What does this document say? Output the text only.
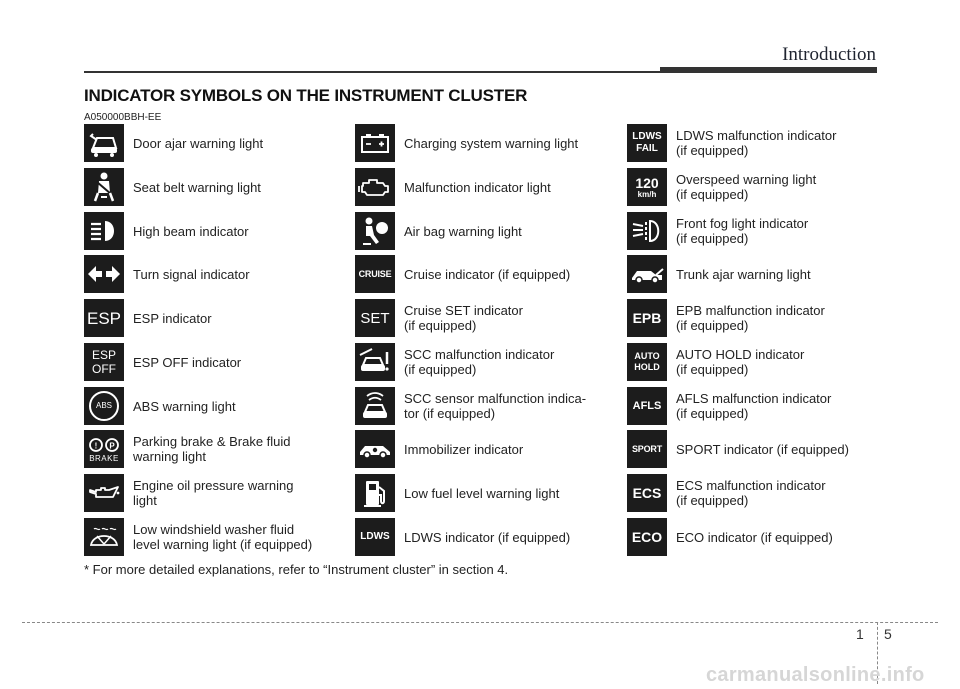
Introduction
INDICATOR SYMBOLS ON THE INSTRUMENT CLUSTER
A050000BBH-EE
Door ajar warning light
Seat belt warning light
High beam indicator
Turn signal indicator
ESP ESP indicator
ESP
OFF ESP OFF indicator
ABS ABS warning light
! P
BRAKE
Parking brake & Brake fluid
warning light
Engine oil pressure warning
light
Low windshield washer fluid
level warning light (if equipped)
Charging system warning light
Malfunction indicator light
Air bag warning light
CRUISE Cruise indicator (if equipped)
SET Cruise SET indicator
(if equipped)
SCC malfunction indicator
(if equipped)
SCC sensor malfunction indica-
tor (if equipped)
Immobilizer indicator
Low fuel level warning light
LDWS LDWS indicator (if equipped)
LDWS
FAIL
LDWS malfunction indicator
(if equipped)
120
km/h
Overspeed warning light
(if equipped)
Front fog light indicator
(if equipped)
Trunk ajar warning light
EPB EPB malfunction indicator
(if equipped)
AUTO
HOLD
AUTO HOLD indicator
(if equipped)
AFLS AFLS malfunction indicator
(if equipped)
SPORT SPORT indicator (if equipped)
ECS ECS malfunction indicator
(if equipped)
ECO ECO indicator (if equipped)
* For more detailed explanations, refer to “Instrument cluster” in section 4.
1 5
carmanualsonline.info
